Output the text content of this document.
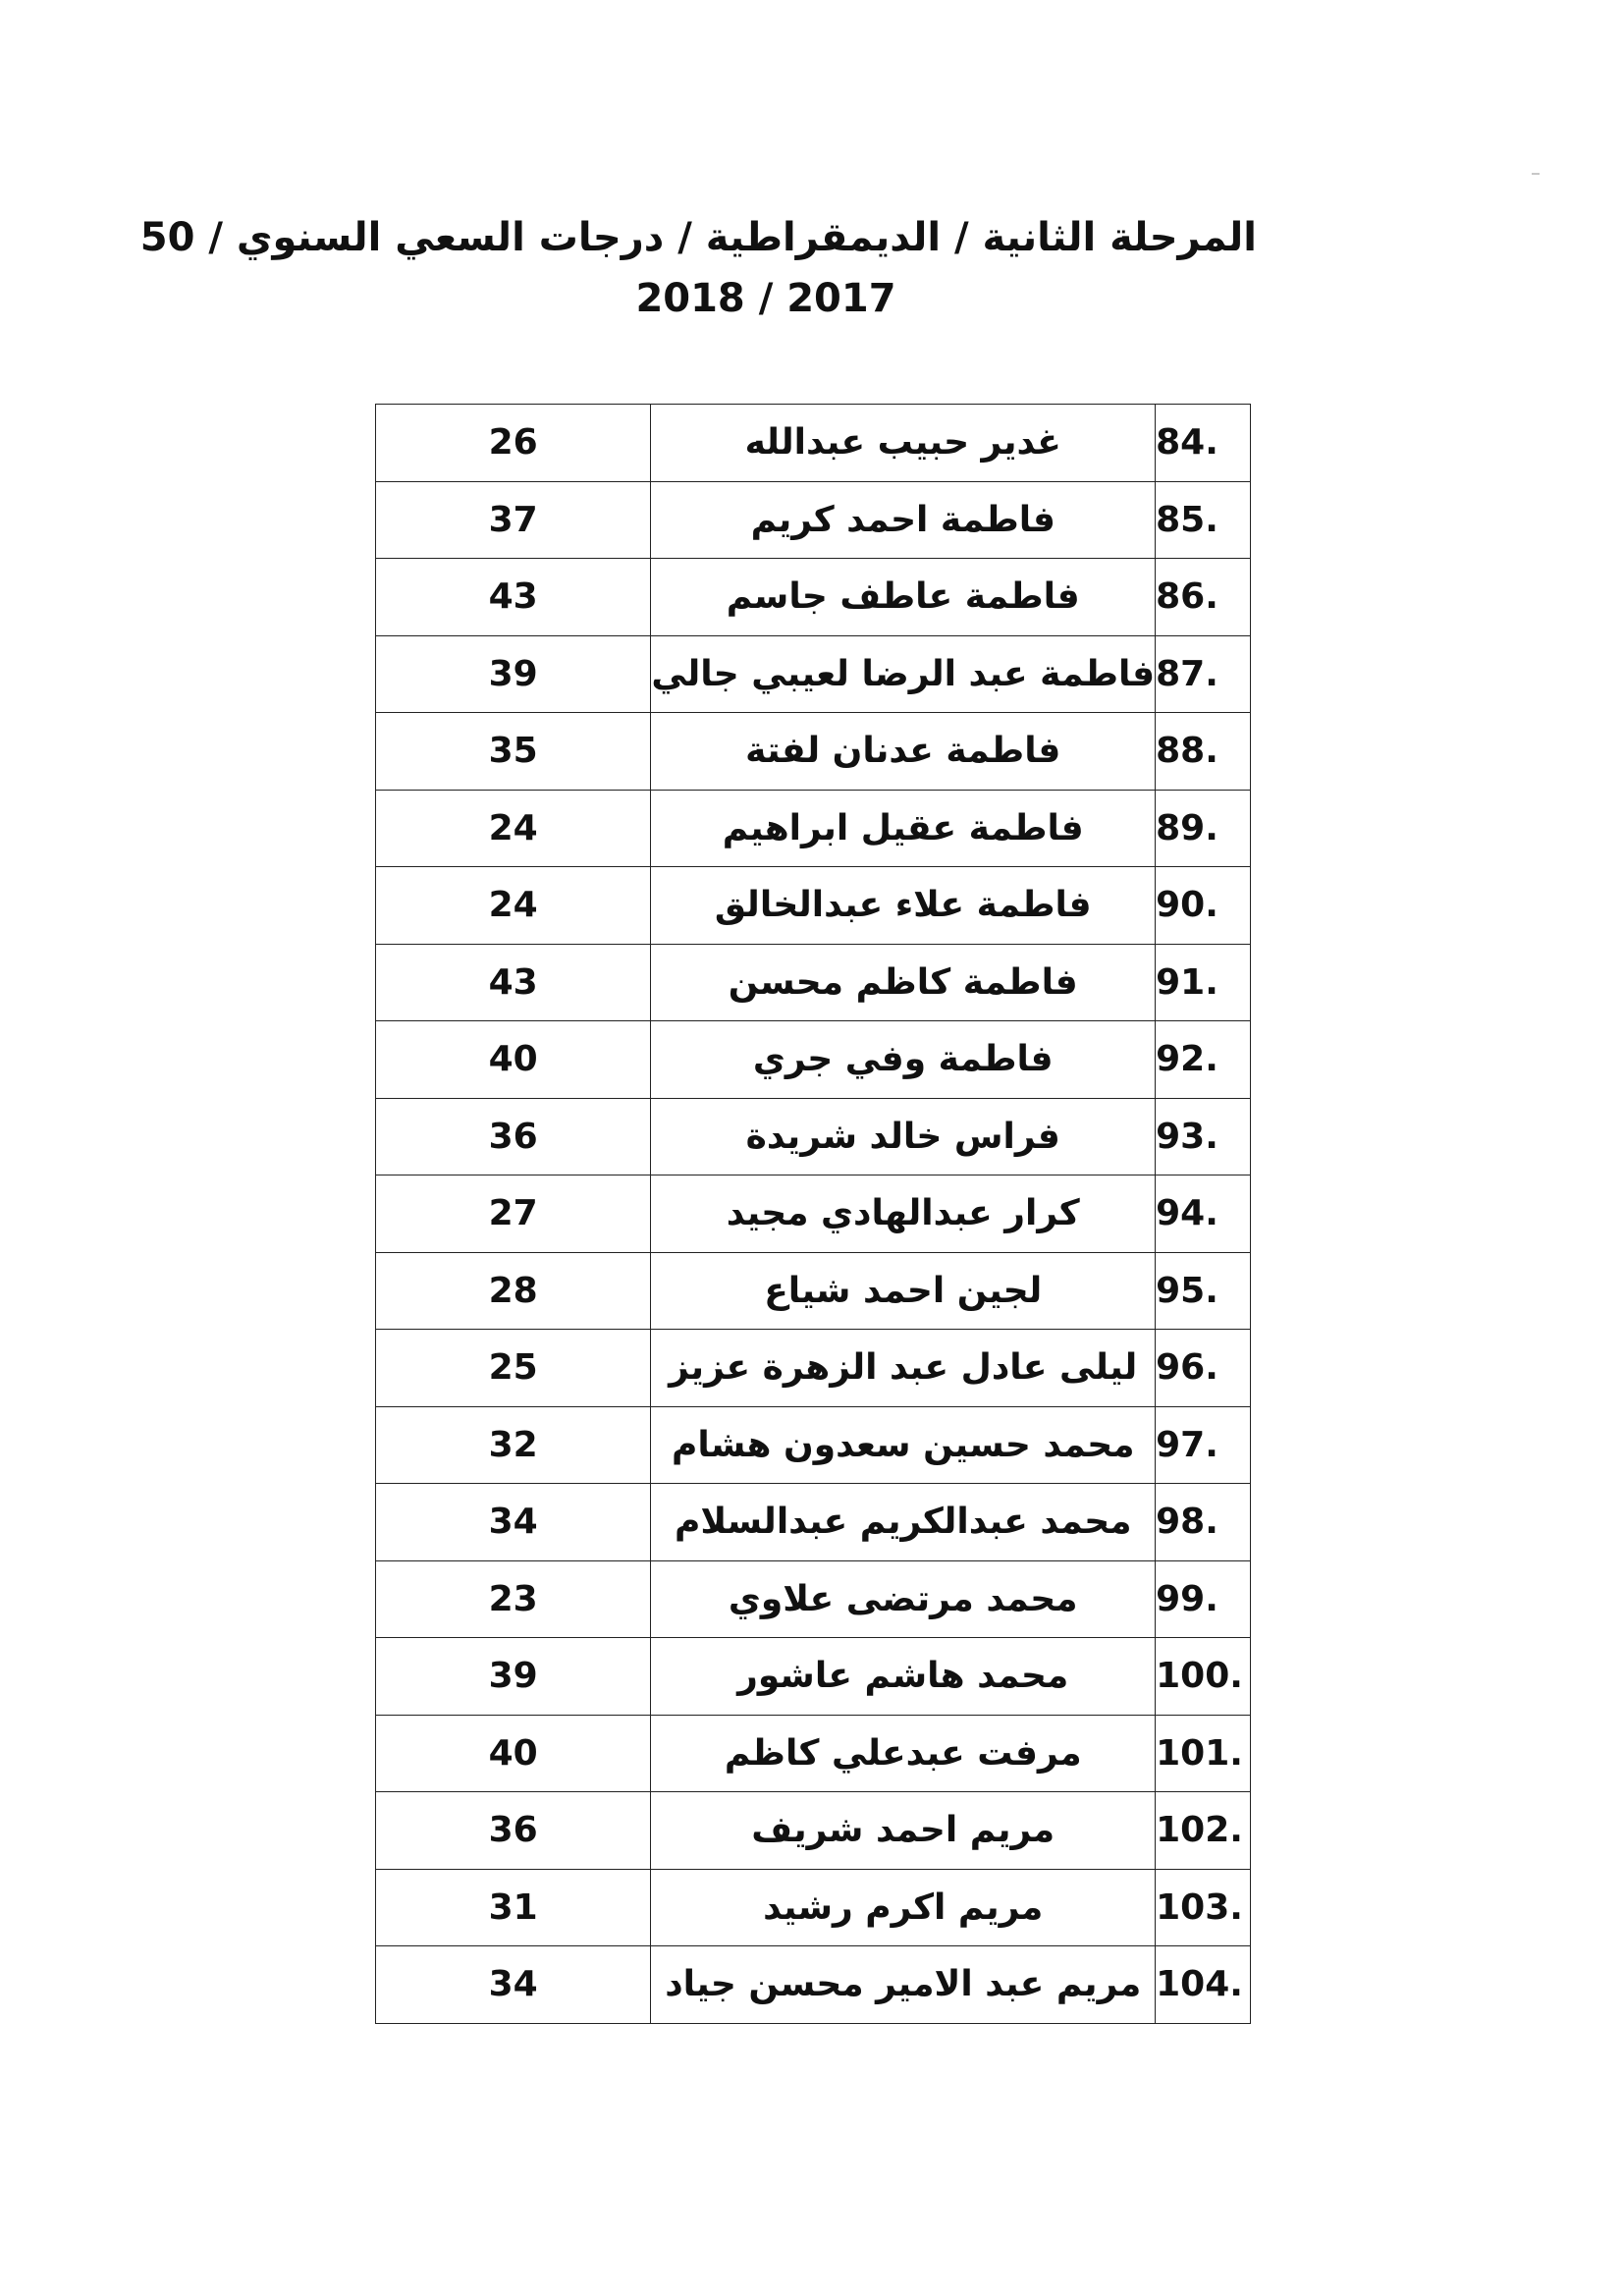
المرحلة الثانية / الديمقراطية / درجات السعي السنوي / 50
2018 / 2017
84.	غدير حبيب عبدالله	26
85.	فاطمة احمد كريم	37
86.	فاطمة عاطف جاسم	43
87.	فاطمة عبد الرضا لعيبي جالي	39
88.	فاطمة عدنان لفتة	35
89.	فاطمة عقيل ابراهيم	24
90.	فاطمة علاء عبدالخالق	24
91.	فاطمة كاظم محسن	43
92.	فاطمة وفي جري	40
93.	فراس خالد شريدة	36
94.	كرار عبدالهادي مجيد	27
95.	لجين احمد شياع	28
96.	ليلى عادل عبد الزهرة عزيز	25
97.	محمد حسين سعدون هشام	32
98.	محمد عبدالكريم عبدالسلام	34
99.	محمد مرتضى علاوي	23
100.	محمد هاشم عاشور	39
101.	مرفت عبدعلي كاظم	40
102.	مريم احمد شريف	36
103.	مريم اكرم رشيد	31
104.	مريم عبد الامير محسن جياد	34
